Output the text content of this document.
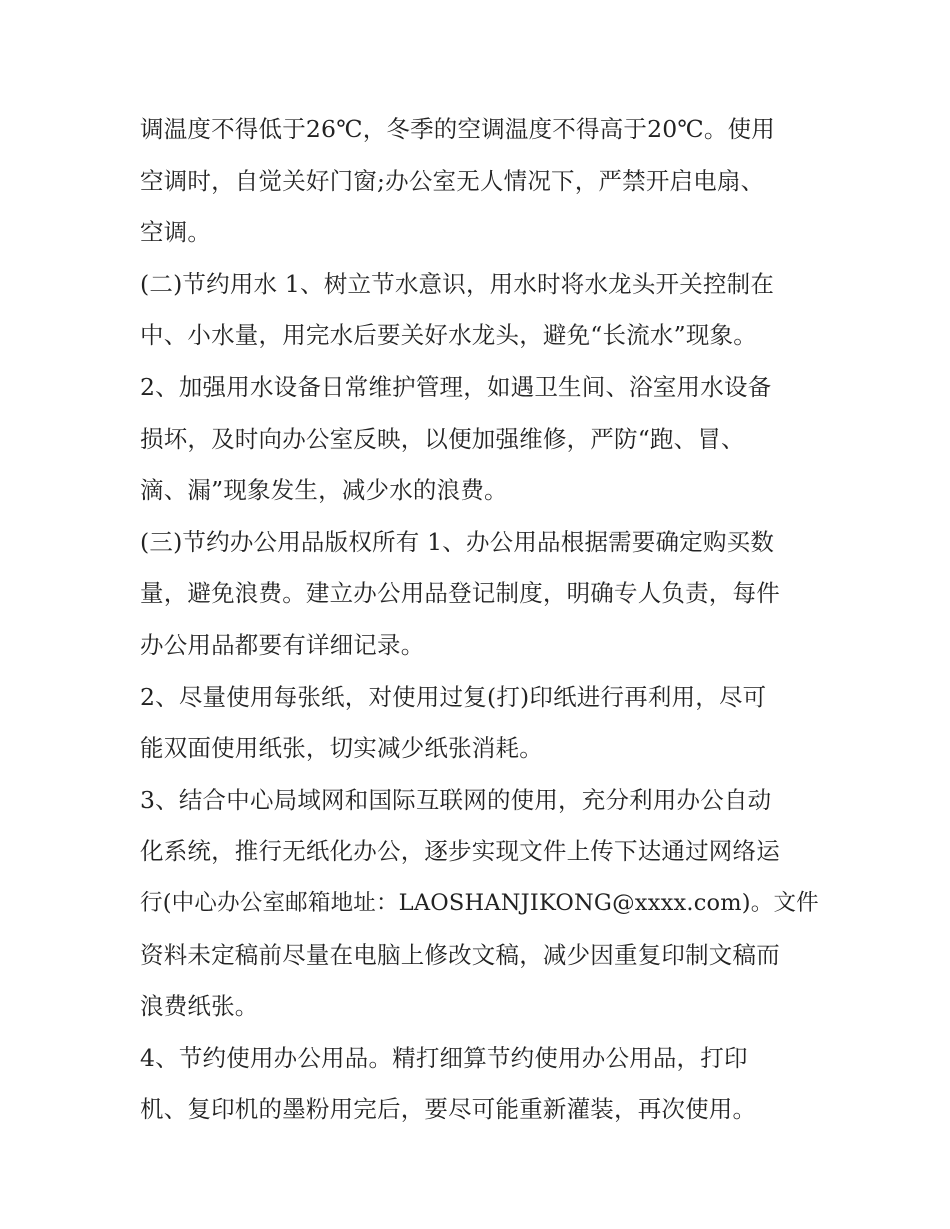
调温度不得低于26℃，冬季的空调温度不得高于20℃。使用

空调时，自觉关好门窗;办公室无人情况下，严禁开启电扇、

空调。

(二)节约用水 1、树立节水意识，用水时将水龙头开关控制在

中、小水量，用完水后要关好水龙头，避免“长流水”现象。

2、加强用水设备日常维护管理，如遇卫生间、浴室用水设备

损坏，及时向办公室反映，以便加强维修，严防“跑、冒、

滴、漏”现象发生，减少水的浪费。

(三)节约办公用品版权所有 1、办公用品根据需要确定购买数

量，避免浪费。建立办公用品登记制度，明确专人负责，每件

办公用品都要有详细记录。

2、尽量使用每张纸，对使用过复(打)印纸进行再利用，尽可

能双面使用纸张，切实减少纸张消耗。

3、结合中心局域网和国际互联网的使用，充分利用办公自动

化系统，推行无纸化办公，逐步实现文件上传下达通过网络运

行(中心办公室邮箱地址：LAOSHANJIKONG@xxxx.com)。文件

资料未定稿前尽量在电脑上修改文稿，减少因重复印制文稿而

浪费纸张。

4、节约使用办公用品。精打细算节约使用办公用品，打印

机、复印机的墨粉用完后，要尽可能重新灌装，再次使用。
